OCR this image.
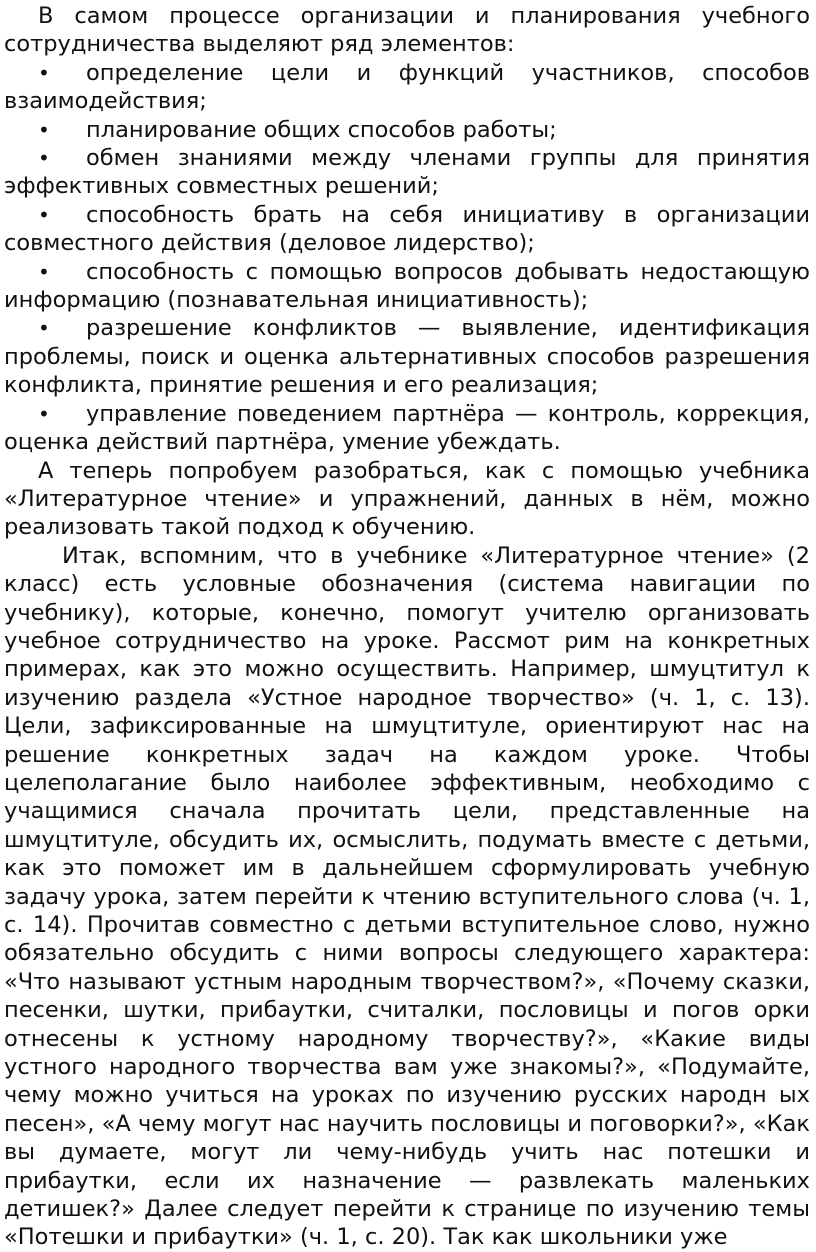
В самом процессе организации и планирования учебного сотрудничества выделяют ряд элементов:

• определение цели и функций участников, способов взаимодействия;
• планирование общих способов работы;
• обмен знаниями между членами группы для принятия эффективных совместных решений;
• способность брать на себя инициативу в организации совместного действия (деловое лидерство);
• способность с помощью вопросов добывать недостающую информацию (познавательная инициативность);
• разрешение конфликтов — выявление, идентификация проблемы, поиск и оценка альтернативных способов разрешения конфликта, принятие решения и его реализация;
• управление поведением партнёра — контроль, коррекция, оценка действий партнёра, умение убеждать.

А теперь попробуем разобраться, как с помощью учебника «Литературное чтение» и упражнений, данных в нём, можно реализовать такой подход к обучению.

Итак, вспомним, что в учебнике «Литературное чтение» (2 класс) есть условные обозначения (система навигации по учебнику), которые, конечно, помогут учителю организовать учебное сотрудничество на уроке. Рассмот рим на конкретных примерах, как это можно осуществить. Например, шмуцтитул к изучению раздела «Устное народное творчество» (ч. 1, с. 13). Цели, зафиксированные на шмуцтитуле, ориентируют нас на решение конкретных задач на каждом уроке. Чтобы целеполагание было наиболее эффективным, необходимо с учащимися сначала прочитать цели, представленные на шмуцтитуле, обсудить их, осмыслить, подумать вместе с детьми, как это поможет им в дальнейшем сформулировать учебную задачу урока, затем перейти к чтению вступительного слова (ч. 1, с. 14). Прочитав совместно с детьми вступительное слово, нужно обязательно обсудить с ними вопросы следующего характера: «Что называют устным народным творчеством?», «Почему сказки, песенки, шутки, прибаутки, считалки, пословицы и погов орки отнесены к устному народному творчеству?», «Какие виды устного народного творчества вам уже знакомы?», «Подумайте, чему можно учиться на уроках по изучению русских народн ых песен», «А чему могут нас научить пословицы и поговорки?», «Как вы думаете, могут ли чему-нибудь учить нас потешки и прибаутки, если их назначение — развлекать маленьких детишек?» Далее следует перейти к странице по изучению темы «Потешки и прибаутки» (ч. 1, с. 20). Так как школьники уже
